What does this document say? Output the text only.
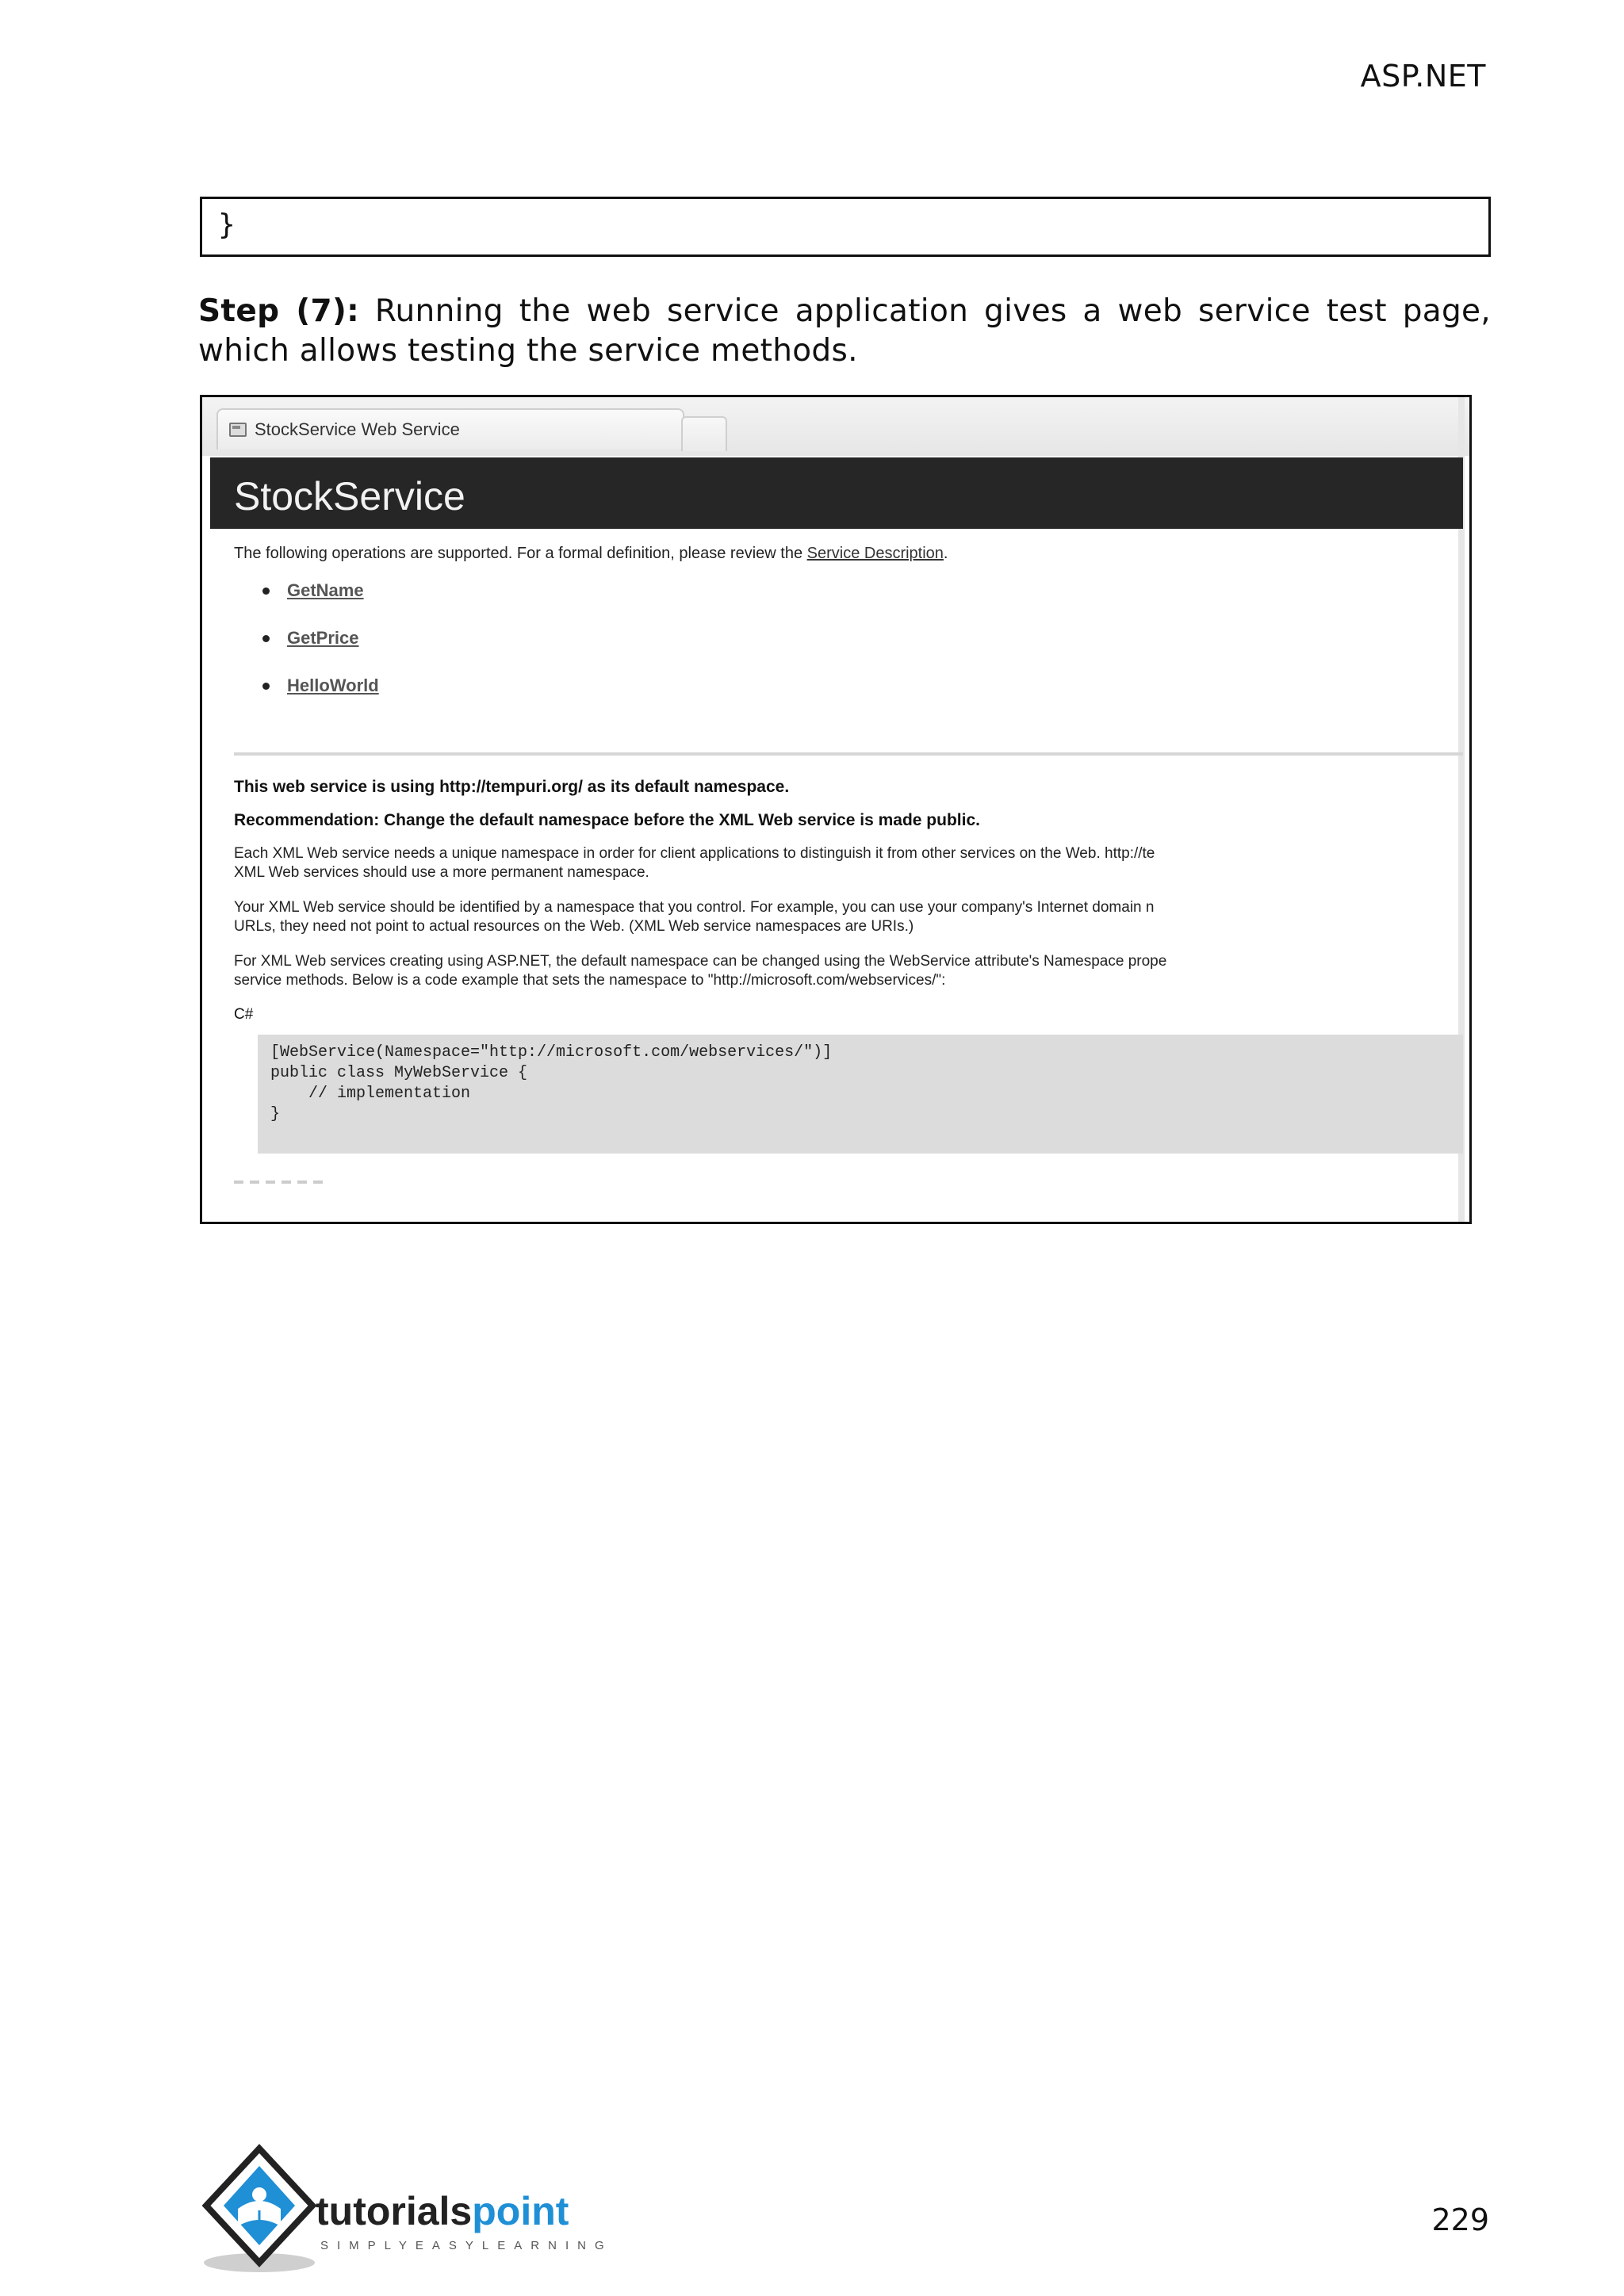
ASP.NET
}
Step (7): Running the web service application gives a web service test page, which allows testing the service methods.
StockService Web Service
StockService
The following operations are supported. For a formal definition, please review the Service Description.
GetName
GetPrice
HelloWorld
This web service is using http://tempuri.org/ as its default namespace.
Recommendation: Change the default namespace before the XML Web service is made public.
Each XML Web service needs a unique namespace in order for client applications to distinguish it from other services on the Web. http://te
XML Web services should use a more permanent namespace.
Your XML Web service should be identified by a namespace that you control. For example, you can use your company's Internet domain n
URLs, they need not point to actual resources on the Web. (XML Web service namespaces are URIs.)
For XML Web services creating using ASP.NET, the default namespace can be changed using the WebService attribute's Namespace prope
service methods. Below is a code example that sets the namespace to "http://microsoft.com/webservices/":
C#
[WebService(Namespace="http://microsoft.com/webservices/")]
public class MyWebService {
// implementation
}
tutorialspoint
SIMPLYEASYLEARNING
229
